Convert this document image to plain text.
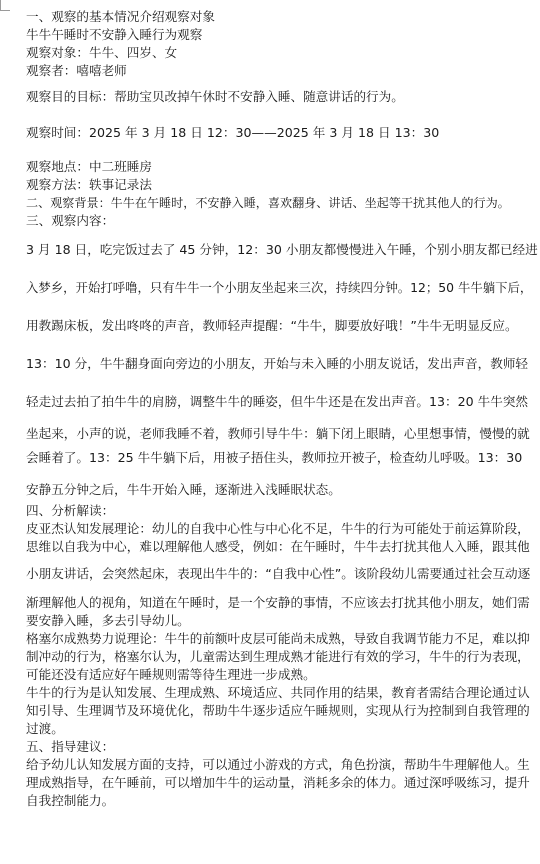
一、观察的基本情况介绍观察对象

牛牛午睡时不安静入睡行为观察

观察对象：牛牛、四岁、女

观察者：嘻嘻老师

观察目的目标：帮助宝贝改掉午休时不安静入睡、随意讲话的行为。

观察时间：2025 年 3 月 18 日 12：30——2025 年 3 月 18 日 13：30

观察地点：中二班睡房

观察方法：轶事记录法

二、观察背景：牛牛在午睡时，不安静入睡，喜欢翻身、讲话、坐起等干扰其他人的行为。

三、观察内容：

3 月 18 日，吃完饭过去了 45 分钟，12：30 小朋友都慢慢进入午睡，个别小朋友都已经进

入梦乡，开始打呼噜，只有牛牛一个小朋友坐起来三次，持续四分钟。12；50 牛牛躺下后，

用教踢床板，发出咚咚的声音，教师轻声提醒：“牛牛，脚要放好哦！”牛牛无明显反应。

13：10 分，牛牛翻身面向旁边的小朋友，开始与未入睡的小朋友说话，发出声音，教师轻

轻走过去拍了拍牛牛的肩膀，调整牛牛的睡姿，但牛牛还是在发出声音。13：20 牛牛突然

坐起来，小声的说，老师我睡不着，教师引导牛牛：躺下闭上眼睛，心里想事情，慢慢的就

会睡着了。13：25 牛牛躺下后，用被子捂住头，教师拉开被子，检查幼儿呼吸。13：30

安静五分钟之后，牛牛开始入睡，逐渐进入浅睡眠状态。

四、分析解读：

皮亚杰认知发展理论：幼儿的自我中心性与中心化不足，牛牛的行为可能处于前运算阶段，

思维以自我为中心，难以理解他人感受，例如：在午睡时，牛牛去打扰其他人入睡，跟其他

小朋友讲话，会突然起床，表现出牛牛的：“自我中心性”。该阶段幼儿需要通过社会互动逐

渐理解他人的视角，知道在午睡时，是一个安静的事情，不应该去打扰其他小朋友，她们需

要安静入睡，多去引导幼儿。

格塞尔成熟势力说理论：牛牛的前额叶皮层可能尚未成熟，导致自我调节能力不足，难以抑

制冲动的行为，格塞尔认为，儿童需达到生理成熟才能进行有效的学习，牛牛的行为表现，

可能还没有适应好午睡规则需等待生理进一步成熟。

牛牛的行为是认知发展、生理成熟、环境适应、共同作用的结果，教育者需结合理论通过认

知引导、生理调节及环境优化，帮助牛牛逐步适应午睡规则，实现从行为控制到自我管理的

过渡。

五、指导建议：

给予幼儿认知发展方面的支持，可以通过小游戏的方式，角色扮演，帮助牛牛理解他人。生

理成熟指导，在午睡前，可以增加牛牛的运动量，消耗多余的体力。通过深呼吸练习，提升

自我控制能力。
